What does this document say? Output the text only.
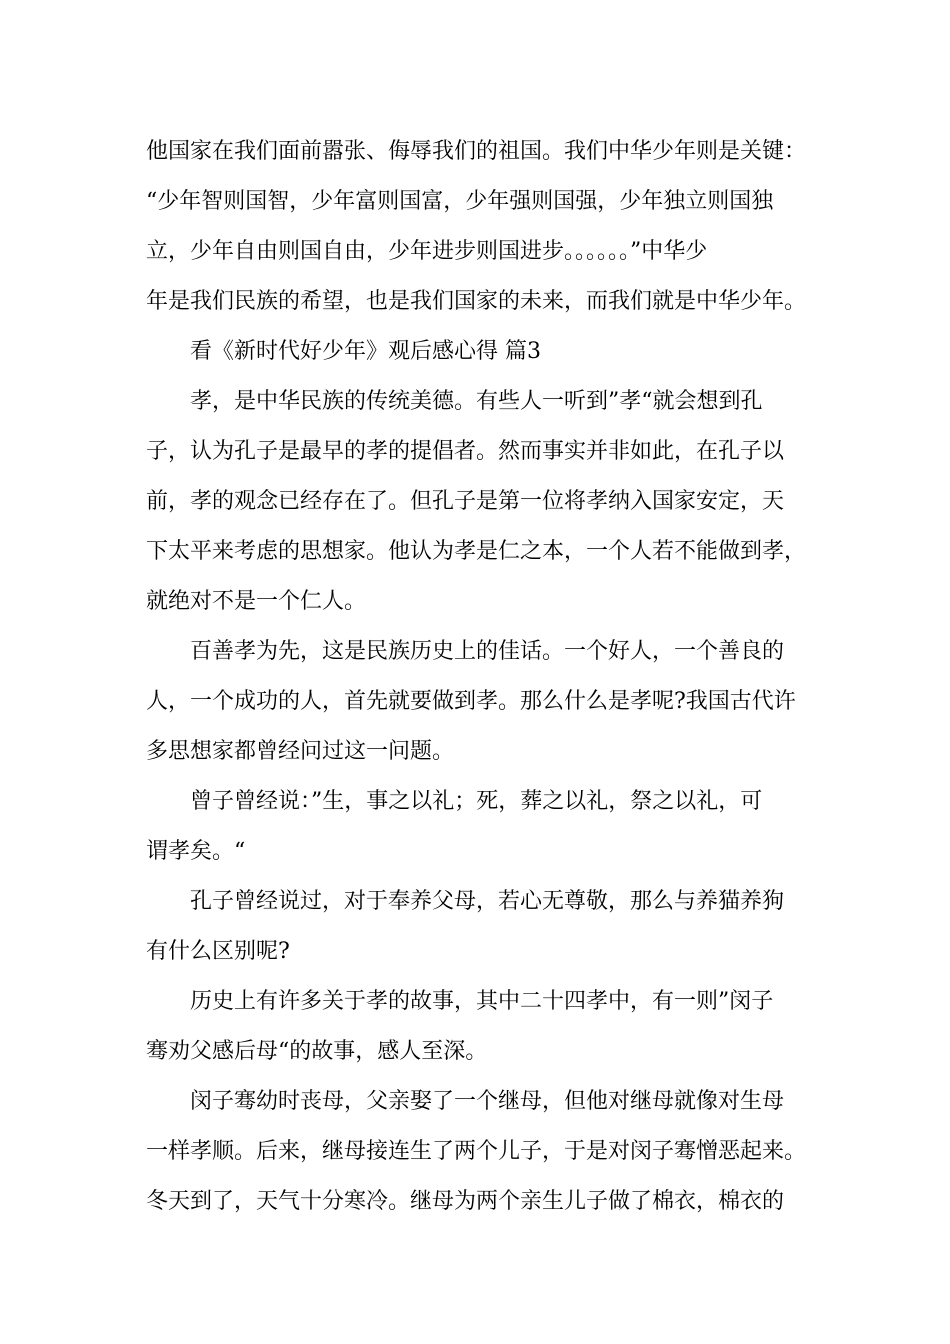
他国家在我们面前嚣张、侮辱我们的祖国。我们中华少年则是关键：
“少年智则国智，少年富则国富，少年强则国强，少年独立则国独
立，少年自由则国自由，少年进步则国进步。。。。。。”中华少
年是我们民族的希望，也是我们国家的未来，而我们就是中华少年。
看《新时代好少年》观后感心得 篇3
孝，是中华民族的传统美德。有些人一听到”孝“就会想到孔
子，认为孔子是最早的孝的提倡者。然而事实并非如此，在孔子以
前，孝的观念已经存在了。但孔子是第一位将孝纳入国家安定，天
下太平来考虑的思想家。他认为孝是仁之本，一个人若不能做到孝，
就绝对不是一个仁人。
百善孝为先，这是民族历史上的佳话。一个好人，一个善良的
人，一个成功的人，首先就要做到孝。那么什么是孝呢?我国古代许
多思想家都曾经问过这一问题。
曾子曾经说：”生，事之以礼；死，葬之以礼，祭之以礼，可
谓孝矣。“
孔子曾经说过，对于奉养父母，若心无尊敬，那么与养猫养狗
有什么区别呢?
历史上有许多关于孝的故事，其中二十四孝中，有一则”闵子
骞劝父感后母“的故事，感人至深。
闵子骞幼时丧母，父亲娶了一个继母，但他对继母就像对生母
一样孝顺。后来，继母接连生了两个儿子，于是对闵子骞憎恶起来。
冬天到了，天气十分寒冷。继母为两个亲生儿子做了棉衣，棉衣的
